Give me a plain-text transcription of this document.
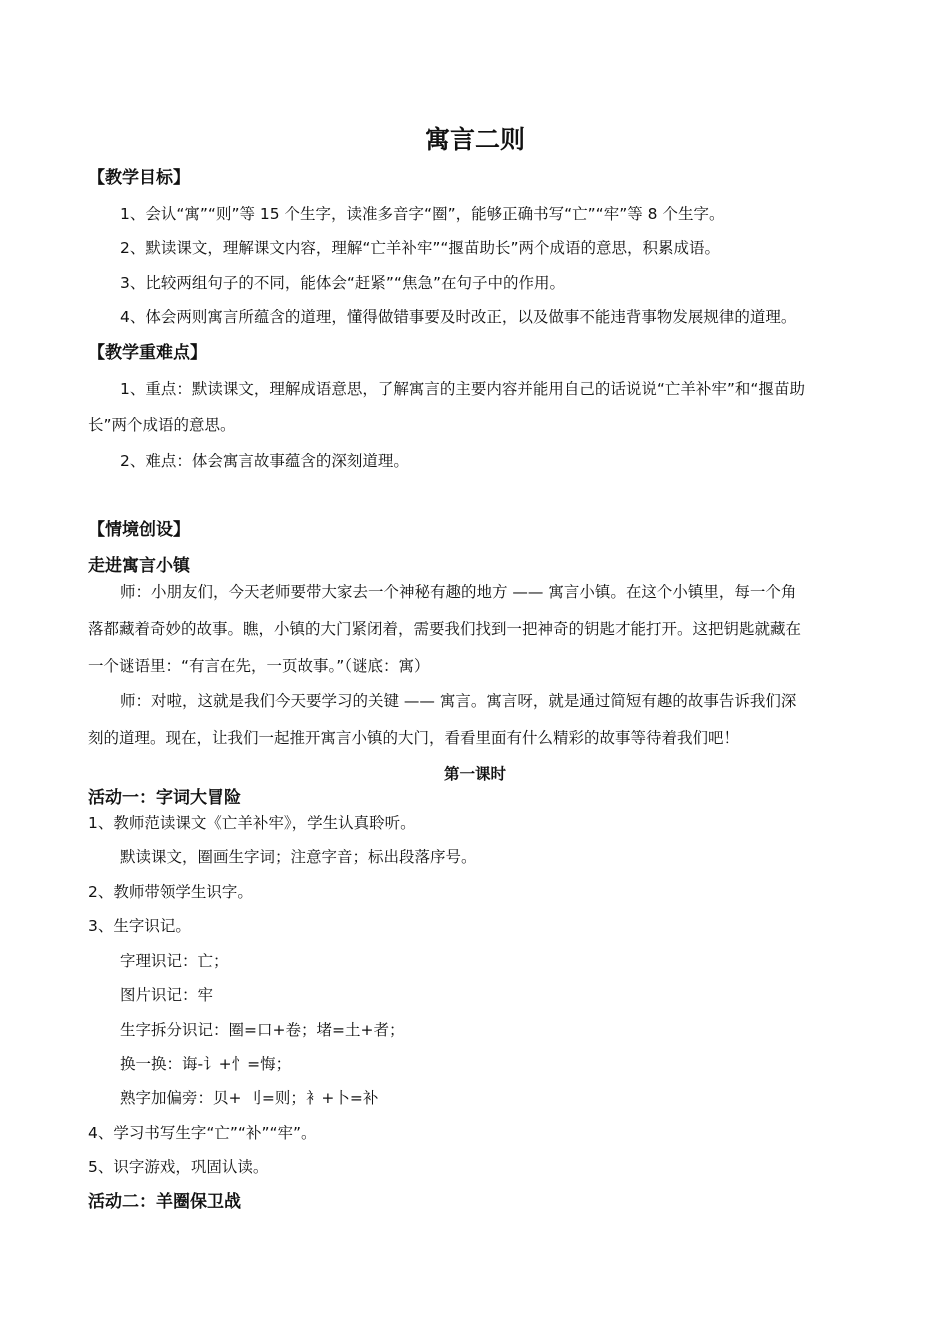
寓言二则
【教学目标】
1、会认“寓”“则”等 15 个生字，读准多音字“圈”，能够正确书写“亡”“牢”等 8 个生字。
2、默读课文，理解课文内容，理解“亡羊补牢”“揠苗助长”两个成语的意思，积累成语。
3、比较两组句子的不同，能体会“赶紧”“焦急”在句子中的作用。
4、体会两则寓言所蕴含的道理，懂得做错事要及时改正，以及做事不能违背事物发展规律的道理。
【教学重难点】
1、重点：默读课文，理解成语意思，了解寓言的主要内容并能用自己的话说说“亡羊补牢”和“揠苗助
长”两个成语的意思。
2、难点：体会寓言故事蕴含的深刻道理。
【情境创设】
走进寓言小镇
师：小朋友们，今天老师要带大家去一个神秘有趣的地方 —— 寓言小镇。在这个小镇里，每一个角
落都藏着奇妙的故事。瞧，小镇的大门紧闭着，需要我们找到一把神奇的钥匙才能打开。这把钥匙就藏在
一个谜语里：“有言在先，一页故事。”（谜底：寓）
师：对啦，这就是我们今天要学习的关键 —— 寓言。寓言呀，就是通过简短有趣的故事告诉我们深
刻的道理。现在，让我们一起推开寓言小镇的大门，看看里面有什么精彩的故事等待着我们吧！
第一课时
活动一：字词大冒险
1、教师范读课文《亡羊补牢》，学生认真聆听。
默读课文，圈画生字词；注意字音；标出段落序号。
2、教师带领学生识字。
3、生字识记。
字理识记：亡；
图片识记：牢
生字拆分识记：圈=口+卷；堵=土+者；
换一换：诲-讠+忄=悔；
熟字加偏旁：贝+ 刂=则；衤+卜=补
4、学习书写生字“亡”“补”“牢”。
5、识字游戏，巩固认读。
活动二：羊圈保卫战
